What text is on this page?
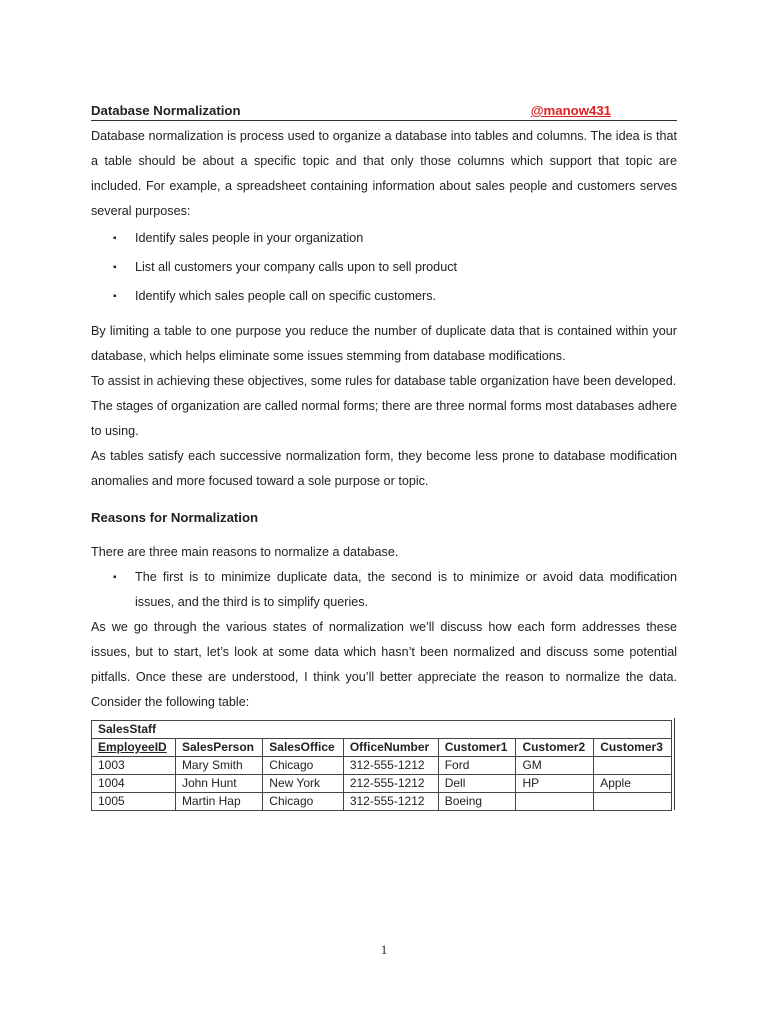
Database Normalization	@manow431

Database normalization is process used to organize a database into tables and columns. The idea is that a table should be about a specific topic and that only those columns which support that topic are included. For example, a spreadsheet containing information about sales people and customers serves several purposes:

▪ Identify sales people in your organization
▪ List all customers your company calls upon to sell product
▪ Identify which sales people call on specific customers.

By limiting a table to one purpose you reduce the number of duplicate data that is contained within your database, which helps eliminate some issues stemming from database modifications.

To assist in achieving these objectives, some rules for database table organization have been developed.

The stages of organization are called normal forms; there are three normal forms most databases adhere to using.

As tables satisfy each successive normalization form, they become less prone to database modification anomalies and more focused toward a sole purpose or topic.

Reasons for Normalization

There are three main reasons to normalize a database.

▪ The first is to minimize duplicate data, the second is to minimize or avoid data modification issues, and the third is to simplify queries.

As we go through the various states of normalization we’ll discuss how each form addresses these issues, but to start, let’s look at some data which hasn’t been normalized and discuss some potential pitfalls. Once these are understood, I think you’ll better appreciate the reason to normalize the data. Consider the following table:

SalesStaff						
EmployeeID	SalesPerson	SalesOffice	OfficeNumber	Customer1	Customer2	Customer3
1003	Mary Smith	Chicago	312-555-1212	Ford	GM	
1004	John Hunt	New York	212-555-1212	Dell	HP	Apple
1005	Martin Hap	Chicago	312-555-1212	Boeing		
1
